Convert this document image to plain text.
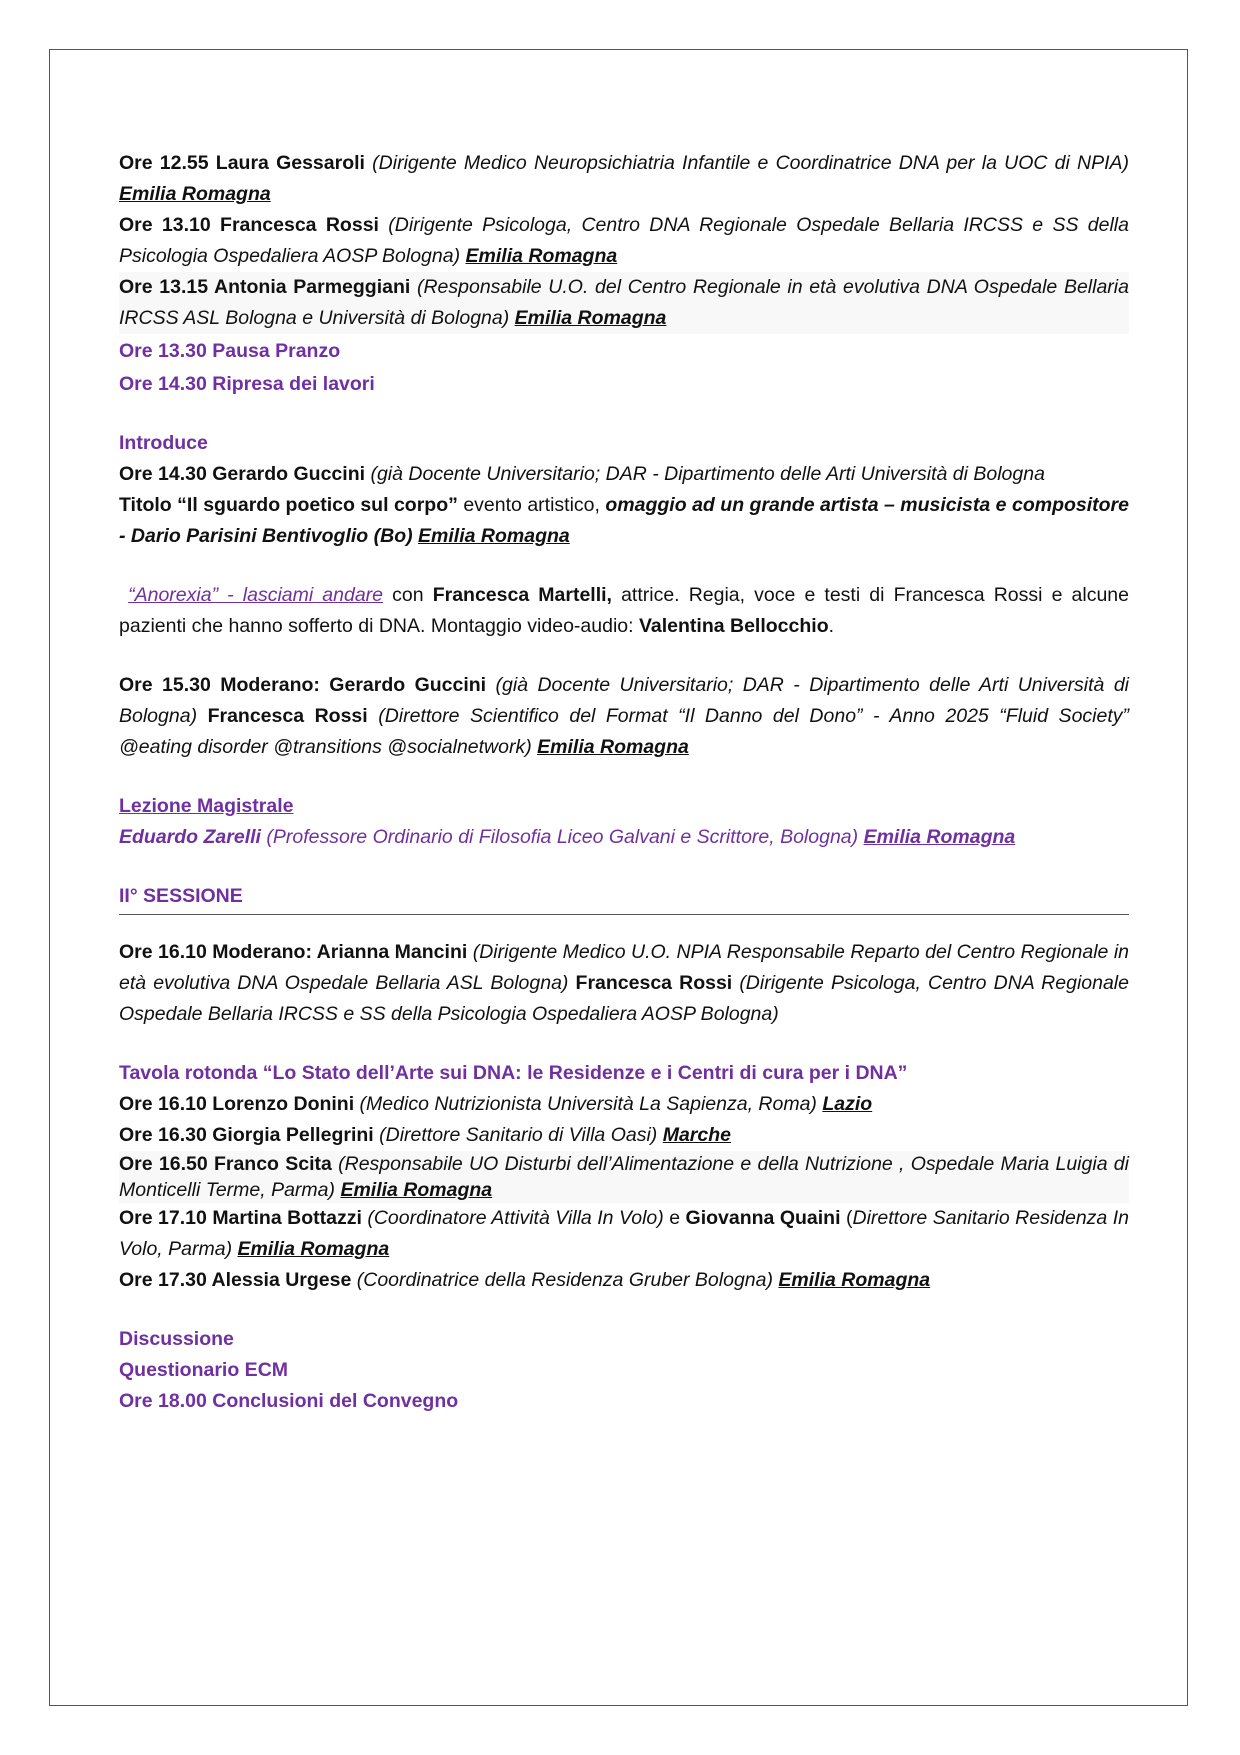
Ore 12.55 Laura Gessaroli (Dirigente Medico Neuropsichiatria Infantile e Coordinatrice DNA per la UOC di NPIA) Emilia Romagna

Ore 13.10 Francesca Rossi (Dirigente Psicologa, Centro DNA Regionale Ospedale Bellaria IRCSS e SS della Psicologia Ospedaliera AOSP Bologna) Emilia Romagna

Ore 13.15 Antonia Parmeggiani (Responsabile U.O. del Centro Regionale in età evolutiva DNA Ospedale Bellaria IRCSS ASL Bologna e Università di Bologna) Emilia Romagna

Ore 13.30 Pausa Pranzo

Ore 14.30 Ripresa dei lavori

Introduce

Ore 14.30 Gerardo Guccini (già Docente Universitario; DAR - Dipartimento delle Arti Università di Bologna

Titolo “Il sguardo poetico sul corpo” evento artistico, omaggio ad un grande artista – musicista e compositore - Dario Parisini Bentivoglio (Bo) Emilia Romagna

“Anorexia” - lasciami andare con Francesca Martelli, attrice. Regia, voce e testi di Francesca Rossi e alcune pazienti che hanno sofferto di DNA. Montaggio video-audio: Valentina Bellocchio.

Ore 15.30 Moderano: Gerardo Guccini (già Docente Universitario; DAR - Dipartimento delle Arti Università di Bologna) Francesca Rossi (Direttore Scientifico del Format “Il Danno del Dono” - Anno 2025 “Fluid Society” @eating disorder @transitions @socialnetwork) Emilia Romagna

Lezione Magistrale

Eduardo Zarelli (Professore Ordinario di Filosofia Liceo Galvani e Scrittore, Bologna) Emilia Romagna

II° SESSIONE

Ore 16.10 Moderano: Arianna Mancini (Dirigente Medico U.O. NPIA Responsabile Reparto del Centro Regionale in età evolutiva DNA Ospedale Bellaria ASL Bologna) Francesca Rossi (Dirigente Psicologa, Centro DNA Regionale Ospedale Bellaria IRCSS e SS della Psicologia Ospedaliera AOSP Bologna)

Tavola rotonda “Lo Stato dell’Arte sui DNA: le Residenze e i Centri di cura per i DNA”

Ore 16.10 Lorenzo Donini (Medico Nutrizionista Università La Sapienza, Roma) Lazio

Ore 16.30 Giorgia Pellegrini (Direttore Sanitario di Villa Oasi) Marche

Ore 16.50 Franco Scita (Responsabile UO Disturbi dell’Alimentazione e della Nutrizione , Ospedale Maria Luigia di Monticelli Terme, Parma) Emilia Romagna

Ore 17.10 Martina Bottazzi (Coordinatore Attività Villa In Volo) e Giovanna Quaini (Direttore Sanitario Residenza In Volo, Parma) Emilia Romagna

Ore 17.30 Alessia Urgese (Coordinatrice della Residenza Gruber Bologna) Emilia Romagna

Discussione

Questionario ECM

Ore 18.00 Conclusioni del Convegno
